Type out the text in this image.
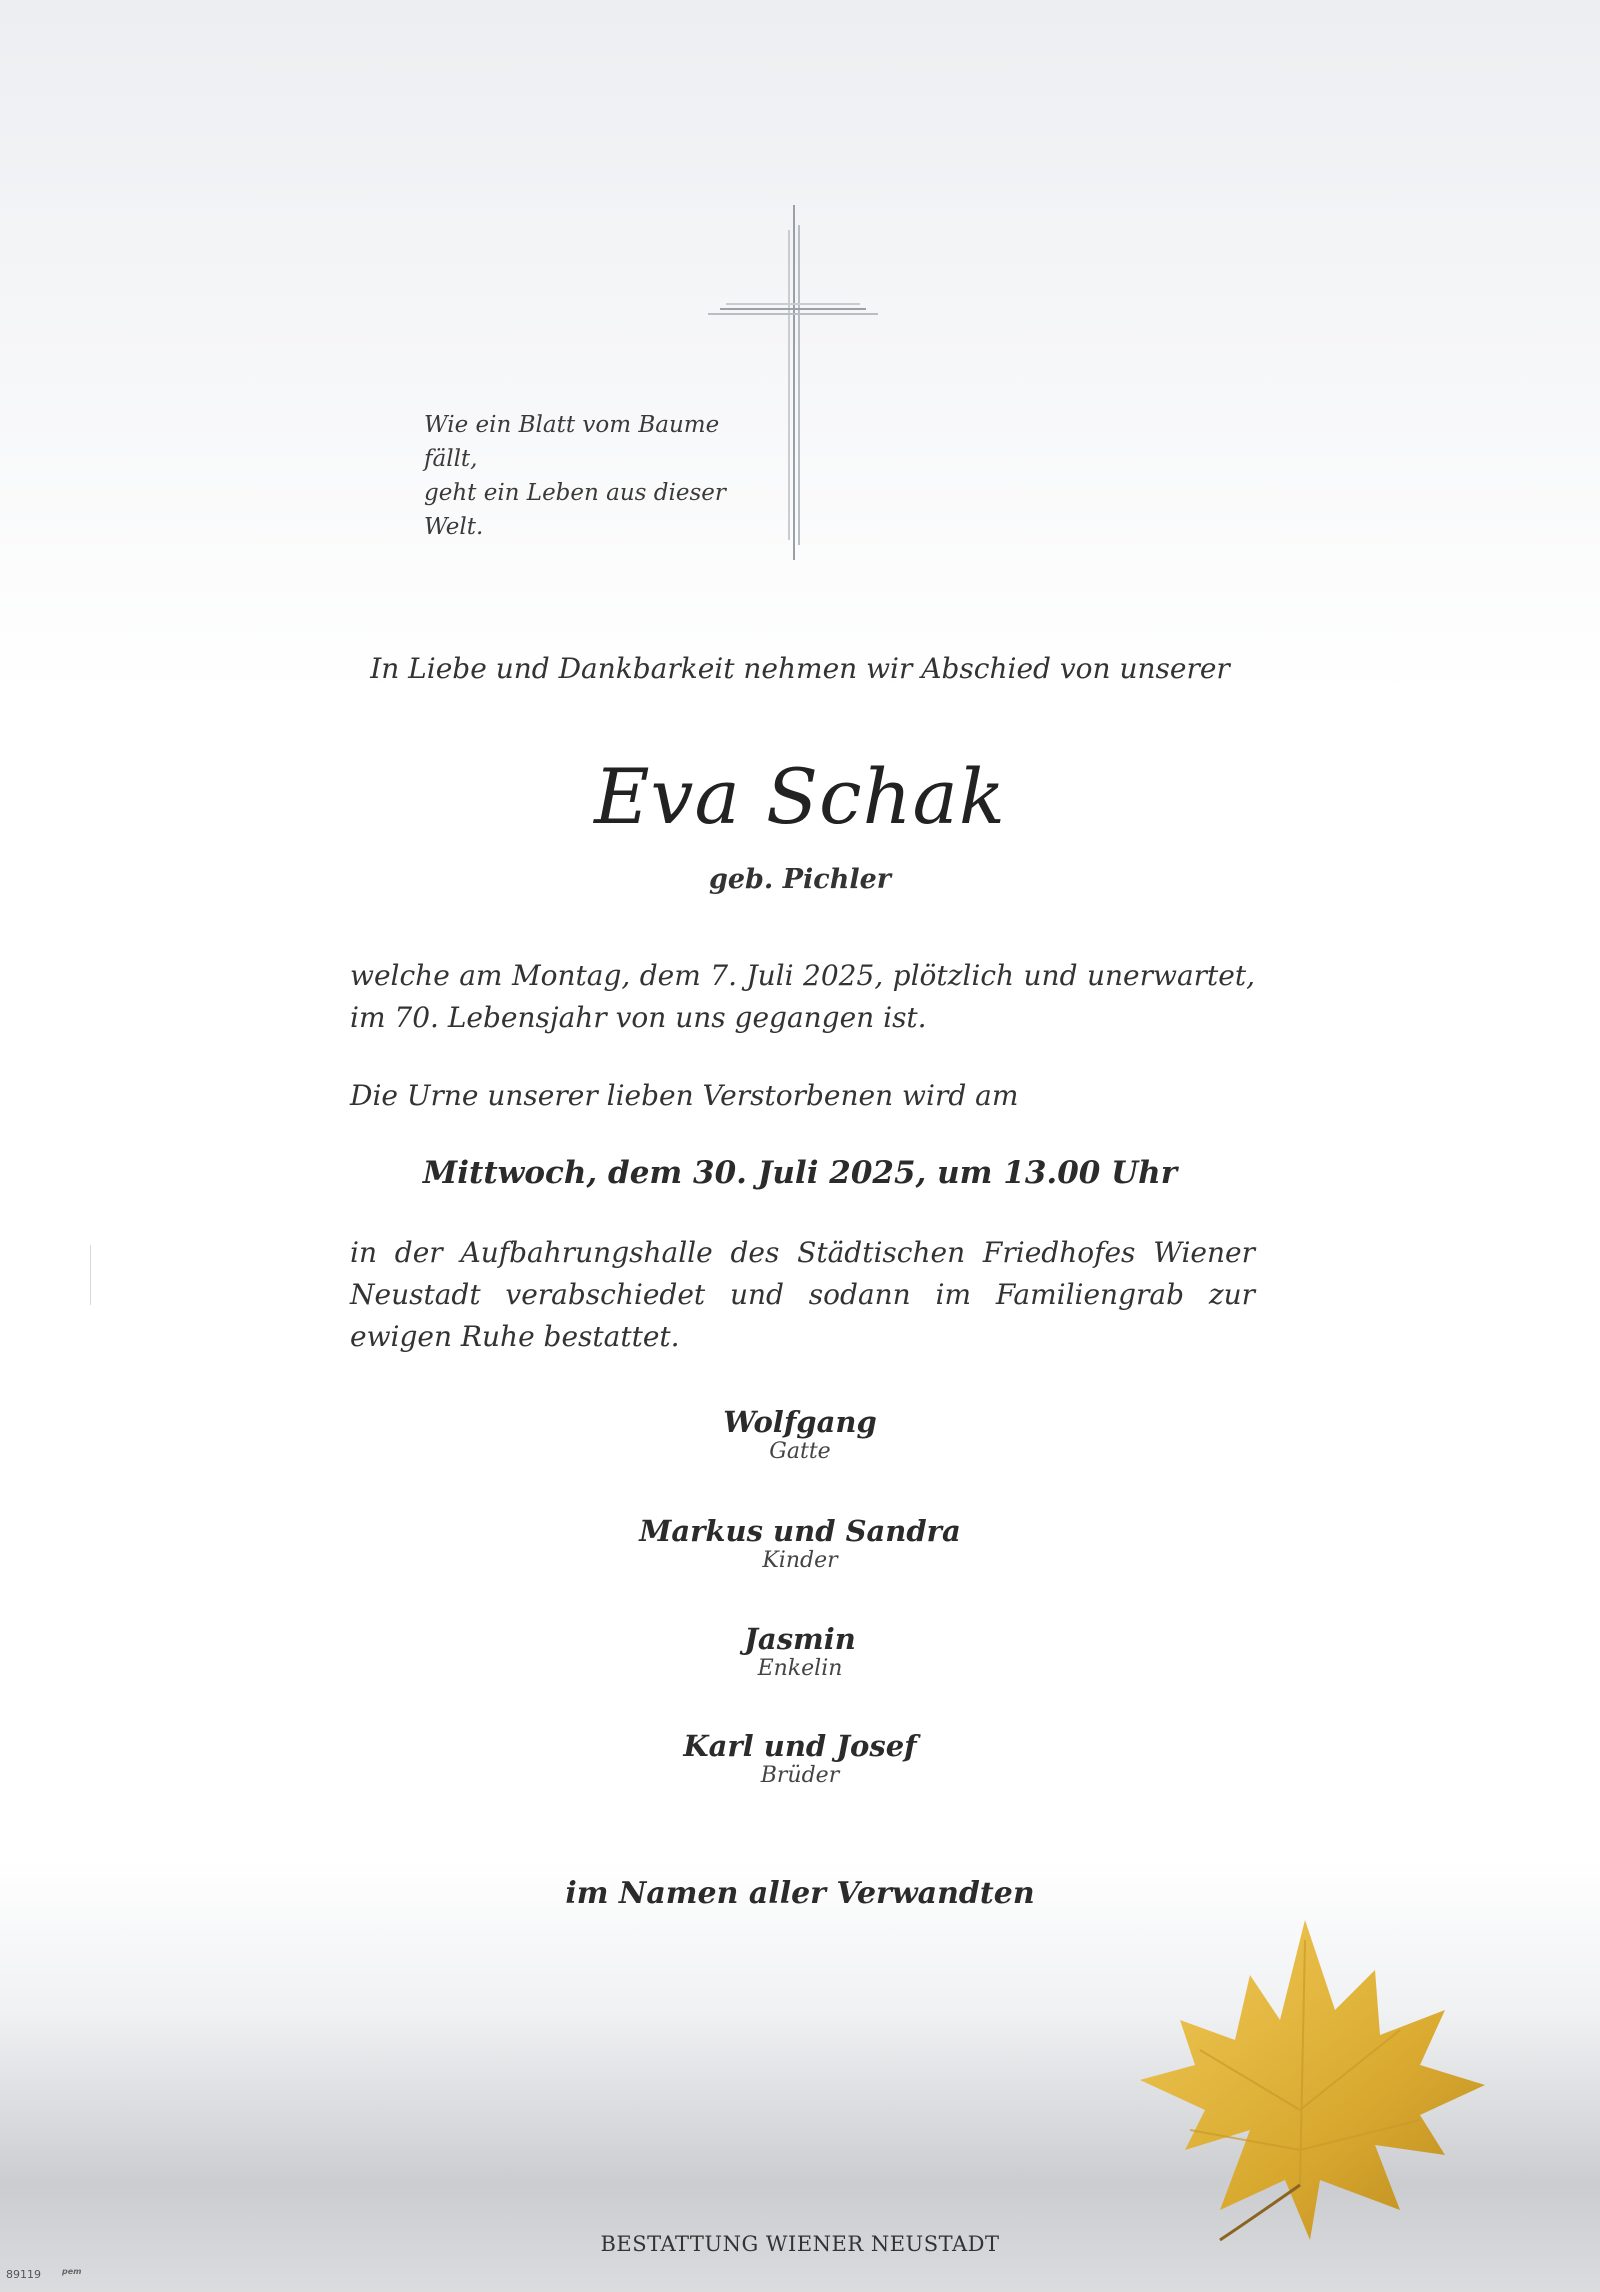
Wie ein Blatt vom Baume fällt,
geht ein Leben aus dieser Welt.
In Liebe und Dankbarkeit nehmen wir Abschied von unserer
Eva Schak
geb. Pichler
welche am Montag, dem 7. Juli 2025, plötzlich und unerwartet, im 70. Lebensjahr von uns gegangen ist.
Die Urne unserer lieben Verstorbenen wird am
Mittwoch, dem 30. Juli 2025, um 13.00 Uhr
in der Aufbahrungshalle des Städtischen Friedhofes Wiener Neustadt verabschiedet und sodann im Familiengrab zur ewigen Ruhe bestattet.
Wolfgang
Gatte
Markus und Sandra
Kinder
Jasmin
Enkelin
Karl und Josef
Brüder
im Namen aller Verwandten
BESTATTUNG WIENER NEUSTADT
89119	pem
